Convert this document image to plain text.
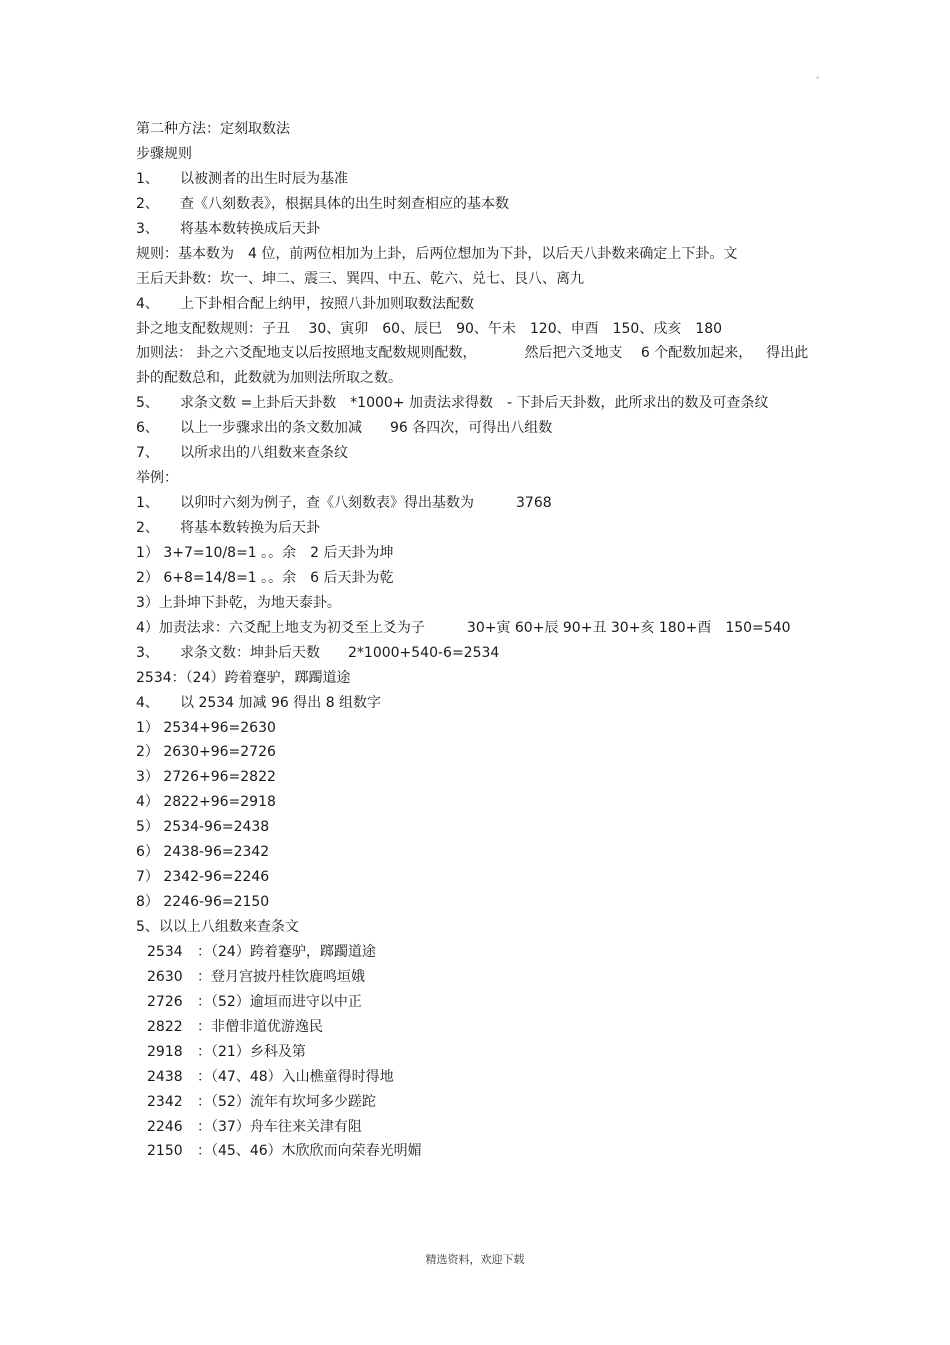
。
第二种方法：定刻取数法
步骤规则
1、 以被测者的出生时辰为基准
2、 查《八刻数表》，根据具体的出生时刻查相应的基本数
3、 将基本数转换成后天卦
规则：基本数为　4 位，前两位相加为上卦，后两位想加为下卦，以后天八卦数来确定上下卦。文
王后天卦数：坎一、坤二、震三、巽四、中五、乾六、兑七、艮八、离九
4、 上下卦相合配上纳甲，按照八卦加则取数法配数
卦之地支配数规则：子丑　 30、寅卯　60、辰巳　90、午未　120、申酉　150、戌亥　180
加则法： 卦之六爻配地支以后按照地支配数规则配数，	然后把六爻地支　 6 个配数加起来， 得出此
卦的配数总和，此数就为加则法所取之数。
5、 求条文数 =上卦后天卦数　*1000+ 加责法求得数　- 下卦后天卦数，此所求出的数及可查条纹
6、 以上一步骤求出的条文数加减　　96 各四次，可得出八组数
7、 以所求出的八组数来查条纹
举例：
1、 以卯时六刻为例子，查《八刻数表》得出基数为	3768
2、 将基本数转换为后天卦
1） 3+7=10/8=1 。。余　2 后天卦为坤
2） 6+8=14/8=1 。。余　6 后天卦为乾
3）上卦坤下卦乾，为地天泰卦。
4）加责法求：六爻配上地支为初爻至上爻为子	30+寅 60+辰 90+丑 30+亥 180+酉　150=540
3、 求条文数：坤卦后天数　　2*1000+540-6=2534
2534：（24）跨着蹇驴，踯躅道途
4、 以 2534 加减 96 得出 8 组数字
1） 2534+96=2630
2） 2630+96=2726
3） 2726+96=2822
4） 2822+96=2918
5） 2534-96=2438
6） 2438-96=2342
7） 2342-96=2246
8） 2246-96=2150
5、以以上八组数来查条文
2534 ：（24）跨着蹇驴，踯躅道途
2630 ：登月宫披丹桂饮鹿鸣垣娥
2726 ：（52）逾垣而进守以中正
2822 ：非僧非道优游逸民
2918 ：（21）乡科及第
2438 ：（47、48）入山樵童得时得地
2342 ：（52）流年有坎坷多少蹉跎
2246 ：（37）舟车往来关津有阻
2150 ：（45、46）木欣欣而向荣春光明媚
精选资料，欢迎下载
